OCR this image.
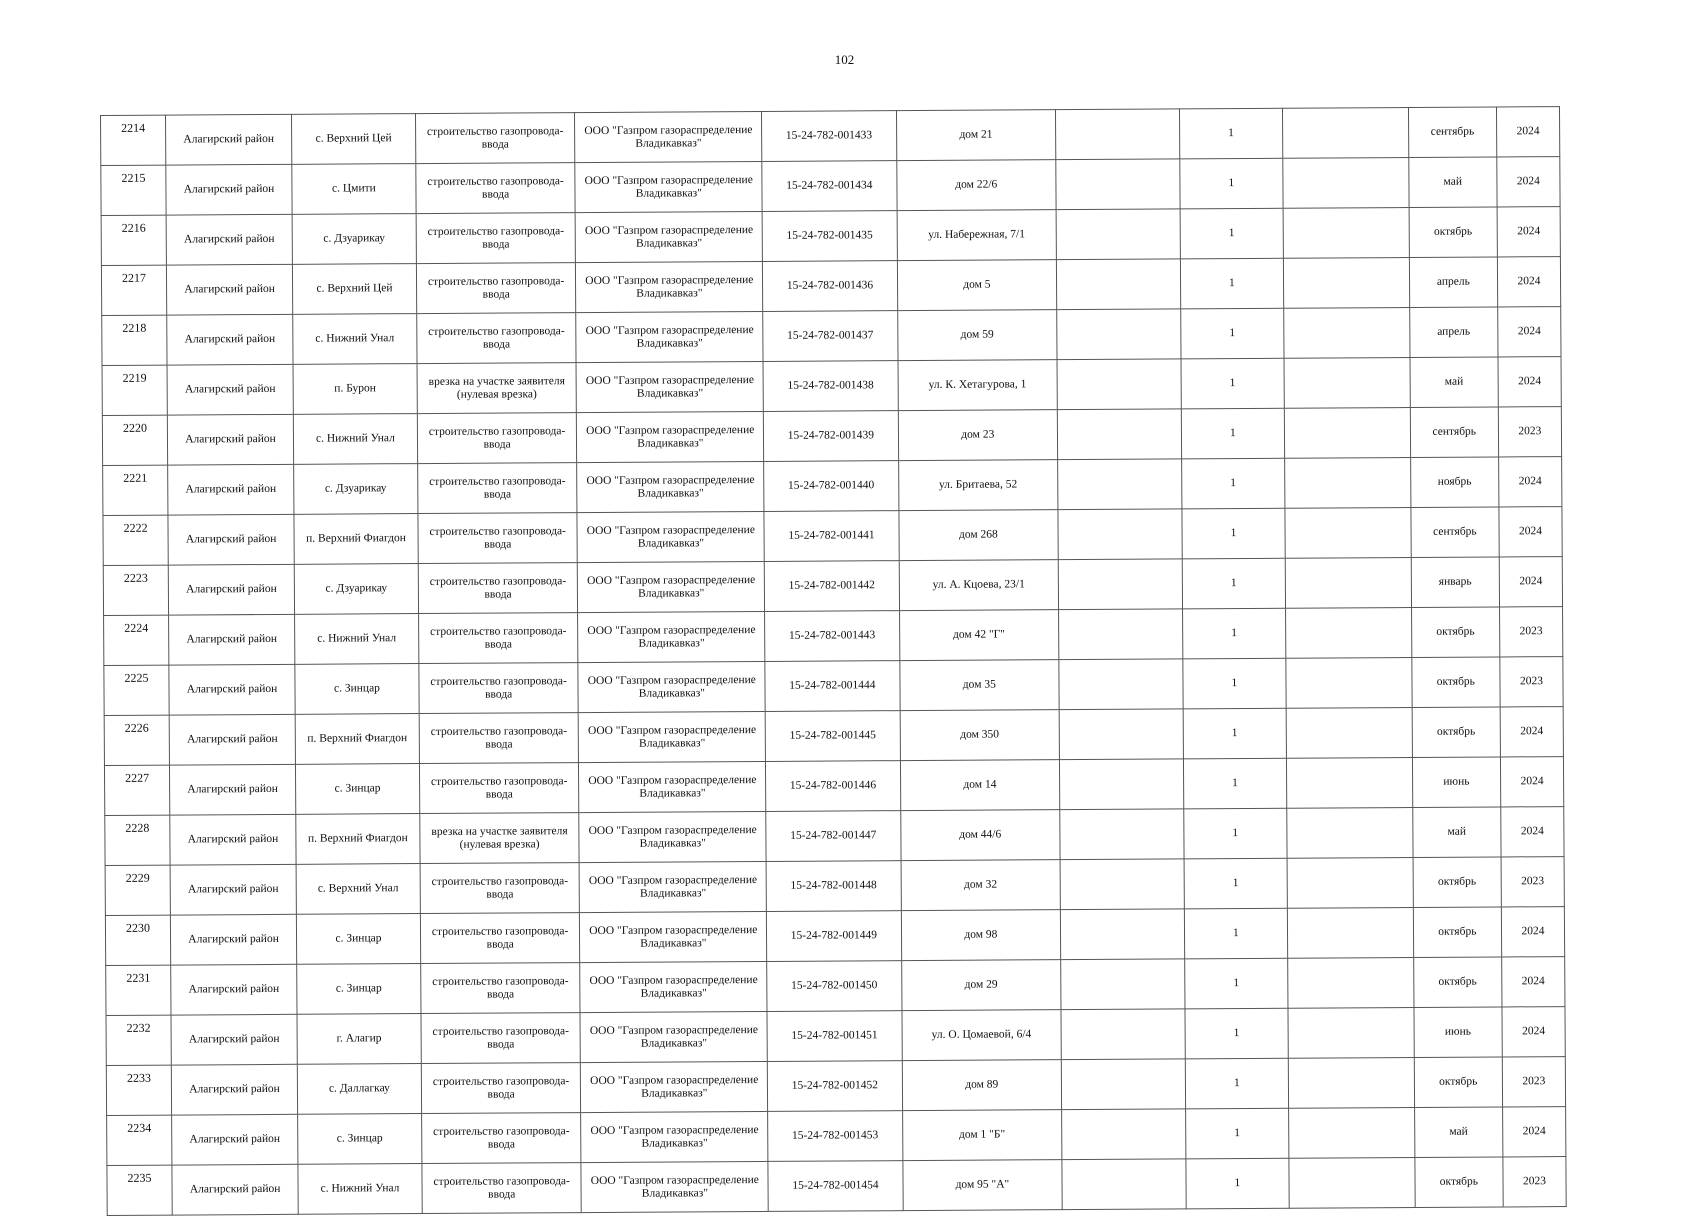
102
2214	Алагирский район	с. Верхний Цей	строительство газопровода-ввода	ООО "Газпром газораспределение Владикавказ"	15-24-782-001433	дом 21		1		сентябрь	2024
2215	Алагирский район	с. Цмити	строительство газопровода-ввода	ООО "Газпром газораспределение Владикавказ"	15-24-782-001434	дом 22/6		1		май	2024
2216	Алагирский район	с. Дзуарикау	строительство газопровода-ввода	ООО "Газпром газораспределение Владикавказ"	15-24-782-001435	ул. Набережная, 7/1		1		октябрь	2024
2217	Алагирский район	с. Верхний Цей	строительство газопровода-ввода	ООО "Газпром газораспределение Владикавказ"	15-24-782-001436	дом 5		1		апрель	2024
2218	Алагирский район	с. Нижний Унал	строительство газопровода-ввода	ООО "Газпром газораспределение Владикавказ"	15-24-782-001437	дом 59		1		апрель	2024
2219	Алагирский район	п. Бурон	врезка на участке заявителя (нулевая врезка)	ООО "Газпром газораспределение Владикавказ"	15-24-782-001438	ул. К. Хетагурова, 1		1		май	2024
2220	Алагирский район	с. Нижний Унал	строительство газопровода-ввода	ООО "Газпром газораспределение Владикавказ"	15-24-782-001439	дом 23		1		сентябрь	2023
2221	Алагирский район	с. Дзуарикау	строительство газопровода-ввода	ООО "Газпром газораспределение Владикавказ"	15-24-782-001440	ул. Бритаева, 52		1		ноябрь	2024
2222	Алагирский район	п. Верхний Фиагдон	строительство газопровода-ввода	ООО "Газпром газораспределение Владикавказ"	15-24-782-001441	дом 268		1		сентябрь	2024
2223	Алагирский район	с. Дзуарикау	строительство газопровода-ввода	ООО "Газпром газораспределение Владикавказ"	15-24-782-001442	ул. А. Кцоева, 23/1		1		январь	2024
2224	Алагирский район	с. Нижний Унал	строительство газопровода-ввода	ООО "Газпром газораспределение Владикавказ"	15-24-782-001443	дом 42 "Г"		1		октябрь	2023
2225	Алагирский район	с. Зинцар	строительство газопровода-ввода	ООО "Газпром газораспределение Владикавказ"	15-24-782-001444	дом 35		1		октябрь	2023
2226	Алагирский район	п. Верхний Фиагдон	строительство газопровода-ввода	ООО "Газпром газораспределение Владикавказ"	15-24-782-001445	дом 350		1		октябрь	2024
2227	Алагирский район	с. Зинцар	строительство газопровода-ввода	ООО "Газпром газораспределение Владикавказ"	15-24-782-001446	дом 14		1		июнь	2024
2228	Алагирский район	п. Верхний Фиагдон	врезка на участке заявителя (нулевая врезка)	ООО "Газпром газораспределение Владикавказ"	15-24-782-001447	дом 44/6		1		май	2024
2229	Алагирский район	с. Верхний Унал	строительство газопровода-ввода	ООО "Газпром газораспределение Владикавказ"	15-24-782-001448	дом 32		1		октябрь	2023
2230	Алагирский район	с. Зинцар	строительство газопровода-ввода	ООО "Газпром газораспределение Владикавказ"	15-24-782-001449	дом 98		1		октябрь	2024
2231	Алагирский район	с. Зинцар	строительство газопровода-ввода	ООО "Газпром газораспределение Владикавказ"	15-24-782-001450	дом 29		1		октябрь	2024
2232	Алагирский район	г. Алагир	строительство газопровода-ввода	ООО "Газпром газораспределение Владикавказ"	15-24-782-001451	ул. О. Цомаевой, 6/4		1		июнь	2024
2233	Алагирский район	с. Даллагкау	строительство газопровода-ввода	ООО "Газпром газораспределение Владикавказ"	15-24-782-001452	дом 89		1		октябрь	2023
2234	Алагирский район	с. Зинцар	строительство газопровода-ввода	ООО "Газпром газораспределение Владикавказ"	15-24-782-001453	дом 1 "Б"		1		май	2024
2235	Алагирский район	с. Нижний Унал	строительство газопровода-ввода	ООО "Газпром газораспределение Владикавказ"	15-24-782-001454	дом 95 "А"		1		октябрь	2023
